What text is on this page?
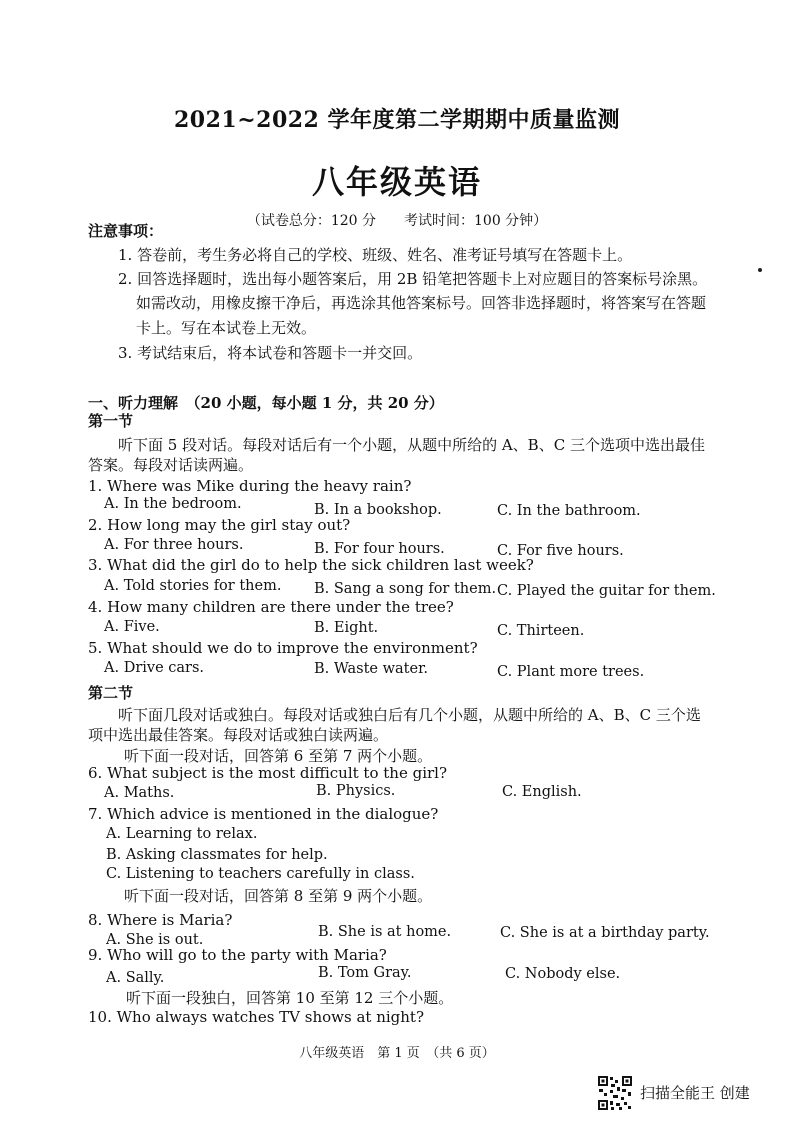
2021~2022 学年度第二学期期中质量监测
八年级英语
（试卷总分：120 分　　考试时间：100 分钟）
注意事项：
1. 答卷前，考生务必将自己的学校、班级、姓名、准考证号填写在答题卡上。
2. 回答选择题时，选出每小题答案后，用 2B 铅笔把答题卡上对应题目的答案标号涂黑。
如需改动，用橡皮擦干净后，再选涂其他答案标号。回答非选择题时，将答案写在答题
卡上。写在本试卷上无效。
3. 考试结束后，将本试卷和答题卡一并交回。
一、听力理解　（20 小题，每小题 1 分，共 20 分）
第一节
听下面 5 段对话。每段对话后有一个小题，从题中所给的 A、B、C 三个选项中选出最佳
答案。每段对话读两遍。
1. Where was Mike during the heavy rain?
A. In the bedroom.	B. In a bookshop.	C. In the bathroom.
2. How long may the girl stay out?
A. For three hours.	B. For four hours.	C. For five hours.
3. What did the girl do to help the sick children last week?
A. Told stories for them. B. Sang a song for them. C. Played the guitar for them.
4. How many children are there under the tree?
A. Five.	B. Eight.	C. Thirteen.
5. What should we do to improve the environment?
A. Drive cars.	B. Waste water.	C. Plant more trees.
第二节
听下面几段对话或独白。每段对话或独白后有几个小题，从题中所给的 A、B、C 三个选
项中选出最佳答案。每段对话或独白读两遍。
听下面一段对话，回答第 6 至第 7 两个小题。
6. What subject is the most difficult to the girl?
A. Maths.	B. Physics.	C. English.
7. Which advice is mentioned in the dialogue?
A. Learning to relax.
B. Asking classmates for help.
C. Listening to teachers carefully in class.
听下面一段对话，回答第 8 至第 9 两个小题。
8. Where is Maria?
A. She is out.	B. She is at home.	C. She is at a birthday party.
9. Who will go to the party with Maria?
A. Sally.	B. Tom Gray.	C. Nobody else.
听下面一段独白，回答第 10 至第 12 三个小题。
10. Who always watches TV shows at night?
八年级英语　第 1 页　（共 6 页）
扫描全能王 创建
